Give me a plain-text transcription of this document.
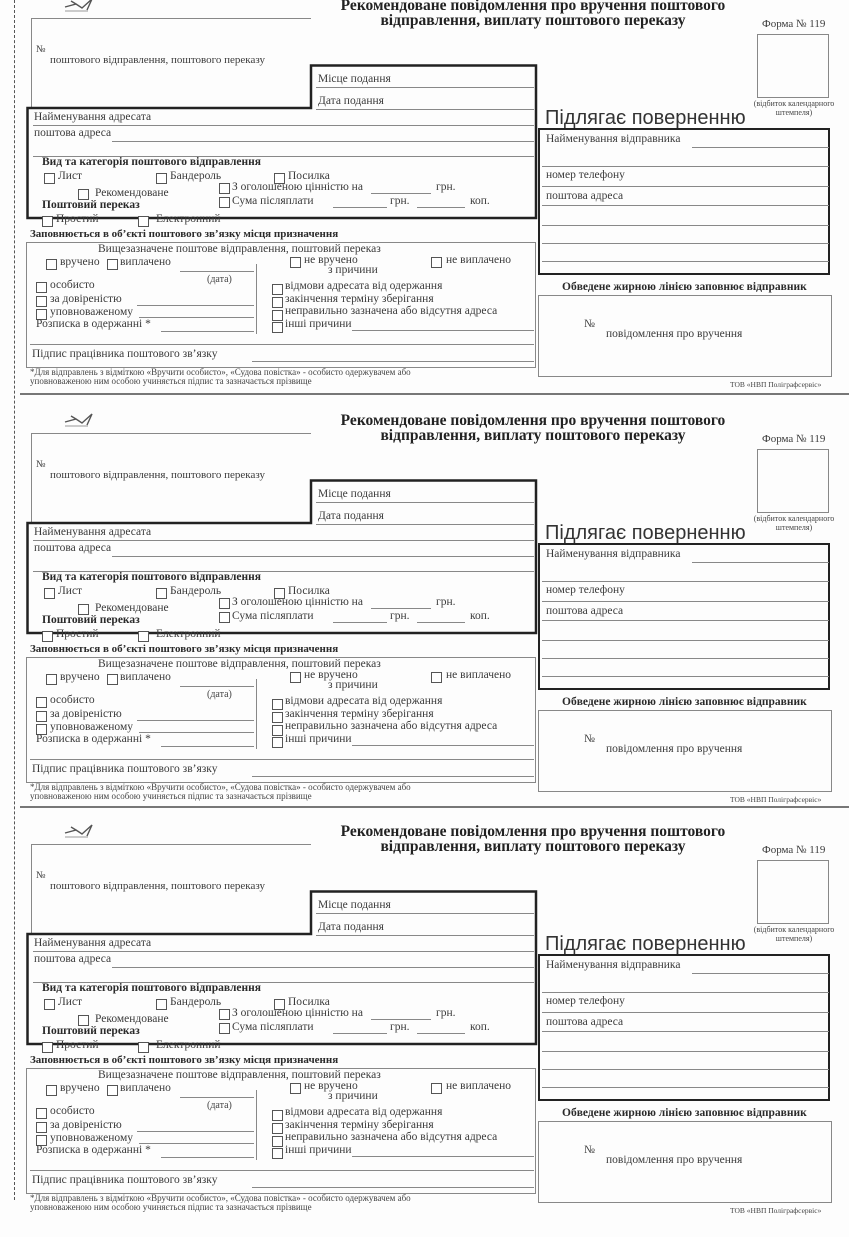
Рекомендоване повідомлення про вручення поштового
відправлення, виплату поштового переказу	Форма № 119
(відбиток календарного
штемпеля)
№
поштового відправлення, поштового переказу
Місце подання
Дата подання
Найменування адресата
поштова адреса
Вид та категорія поштового відправлення
Лист	Бандероль	Посилка
Рекомендоване	З оголошеною цінністю на	грн.
Сума післяплати	грн.	коп.
Поштовий переказ
Простий	Електронний
Заповнюється в об’єкті поштового зв’язку місця призначення
Вищезазначене поштове відправлення, поштовий переказ
вручено виплачено
(дата)
особисто
за довіреністю
уповноваженому
Розписка в одержанні *
не вручено
з причини
не виплачено
відмови адресата від одержання
закінчення терміну зберігання
неправильно зазначена або відсутня адреса
інші причини
Підпис працівника поштового зв’язку
*Для відправлень з відміткою «Вручити особисто», «Судова повістка» - особисто одержувачем або
уповноваженою ним особою учиняється підпис та зазначається прізвище
Підлягає поверненню
Найменування відправника
номер телефону
поштова адреса
Обведене жирною лінією заповнює відправник
№
повідомлення про вручення
ТОВ «НВП Поліграфсервіс»
Рекомендоване повідомлення про вручення поштового
відправлення, виплату поштового переказу	Форма № 119
(відбиток календарного
штемпеля)
№
поштового відправлення, поштового переказу
Місце подання
Дата подання
Найменування адресата
поштова адреса
Вид та категорія поштового відправлення
Лист	Бандероль	Посилка
Рекомендоване	З оголошеною цінністю на	грн.
Сума післяплати	грн.	коп.
Поштовий переказ
Простий	Електронний
Заповнюється в об’єкті поштового зв’язку місця призначення
Вищезазначене поштове відправлення, поштовий переказ
вручено виплачено
(дата)
особисто
за довіреністю
уповноваженому
Розписка в одержанні *
не вручено
з причини
не виплачено
відмови адресата від одержання
закінчення терміну зберігання
неправильно зазначена або відсутня адреса
інші причини
Підпис працівника поштового зв’язку
*Для відправлень з відміткою «Вручити особисто», «Судова повістка» - особисто одержувачем або
уповноваженою ним особою учиняється підпис та зазначається прізвище
Підлягає поверненню
Найменування відправника
номер телефону
поштова адреса
Обведене жирною лінією заповнює відправник
№
повідомлення про вручення
ТОВ «НВП Поліграфсервіс»
Рекомендоване повідомлення про вручення поштового
відправлення, виплату поштового переказу	Форма № 119
(відбиток календарного
штемпеля)
№
поштового відправлення, поштового переказу
Місце подання
Дата подання
Найменування адресата
поштова адреса
Вид та категорія поштового відправлення
Лист	Бандероль	Посилка
Рекомендоване	З оголошеною цінністю на	грн.
Сума післяплати	грн.	коп.
Поштовий переказ
Простий	Електронний
Заповнюється в об’єкті поштового зв’язку місця призначення
Вищезазначене поштове відправлення, поштовий переказ
вручено виплачено
(дата)
особисто
за довіреністю
уповноваженому
Розписка в одержанні *
не вручено
з причини
не виплачено
відмови адресата від одержання
закінчення терміну зберігання
неправильно зазначена або відсутня адреса
інші причини
Підпис працівника поштового зв’язку
*Для відправлень з відміткою «Вручити особисто», «Судова повістка» - особисто одержувачем або
уповноваженою ним особою учиняється підпис та зазначається прізвище
Підлягає поверненню
Найменування відправника
номер телефону
поштова адреса
Обведене жирною лінією заповнює відправник
№
повідомлення про вручення
ТОВ «НВП Поліграфсервіс»
